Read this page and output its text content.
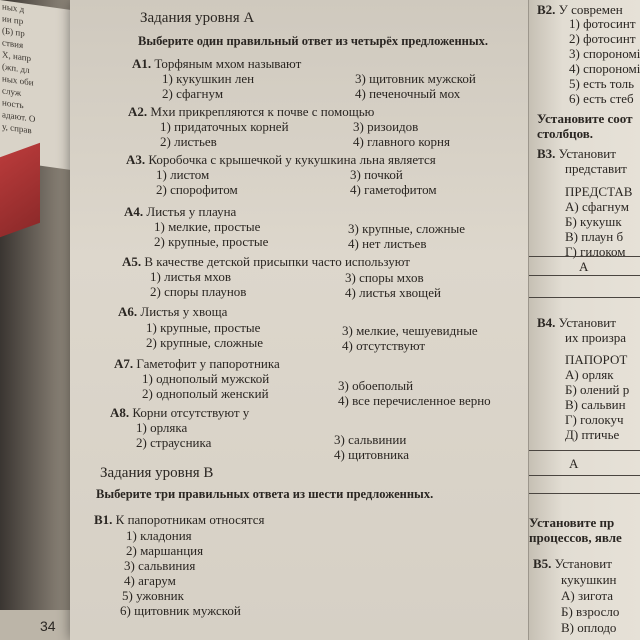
ных д
ии пр
(Б) пр
ствия
Х, напр
(жп. дл
ных оби
служ
ность
адают. О
у, справ
Задания уровня А
Выберите один правильный ответ из четырёх предложенных.
А1. Торфяным мхом называют
1) кукушкин лен
2) сфагнум
3) щитовник мужской
4) печеночный мох
А2. Мхи прикрепляются к почве с помощью
1) придаточных корней
2) листьев
3) ризоидов
4) главного корня
А3. Коробочка с крышечкой у кукушкина льна является
1) листом
2) спорофитом
3) почкой
4) гаметофитом
А4. Листья у плауна
1) мелкие, простые
2) крупные, простые
3) крупные, сложные
4) нет листьев
А5. В качестве детской присыпки часто используют
1) листья мхов
2) споры плаунов
3) споры мхов
4) листья хвощей
А6. Листья у хвоща
1) крупные, простые
2) крупные, сложные
3) мелкие, чешуевидные
4) отсутствуют
А7. Гаметофит у папоротника
1) однополый мужской
2) однополый женский
3) обоеполый
4) все перечисленное верно
А8. Корни отсутствуют у
1) орляка
2) страусника	3) сальвинии
4) щитовника
Задания уровня В
Выберите три правильных ответа из шести предложенных.
В1. К папоротникам относятся
1) кладония
2) маршанция
3) сальвиния
4) агарум
5) ужовник
6) щитовник мужской
34
В2. У современ
1) фотосинт
2) фотосинт
3) спорономі
4) спорономі
5) есть толь
6) есть стеб
Установите соот
столбцов.
В3. Установит
представит
ПРЕДСТАВ
А) сфагнум
Б) кукушк
В) плаун б
Г) гилоком
А
В4. Установит
их произра
ПАПОРОТ
А) орляк
Б) олений р
В) сальвин
Г) голокуч
Д) птичье
А
Установите пр
процессов, явле
В5. Установит
кукушкин
А) зигота
Б) взросло
В) оплодо
